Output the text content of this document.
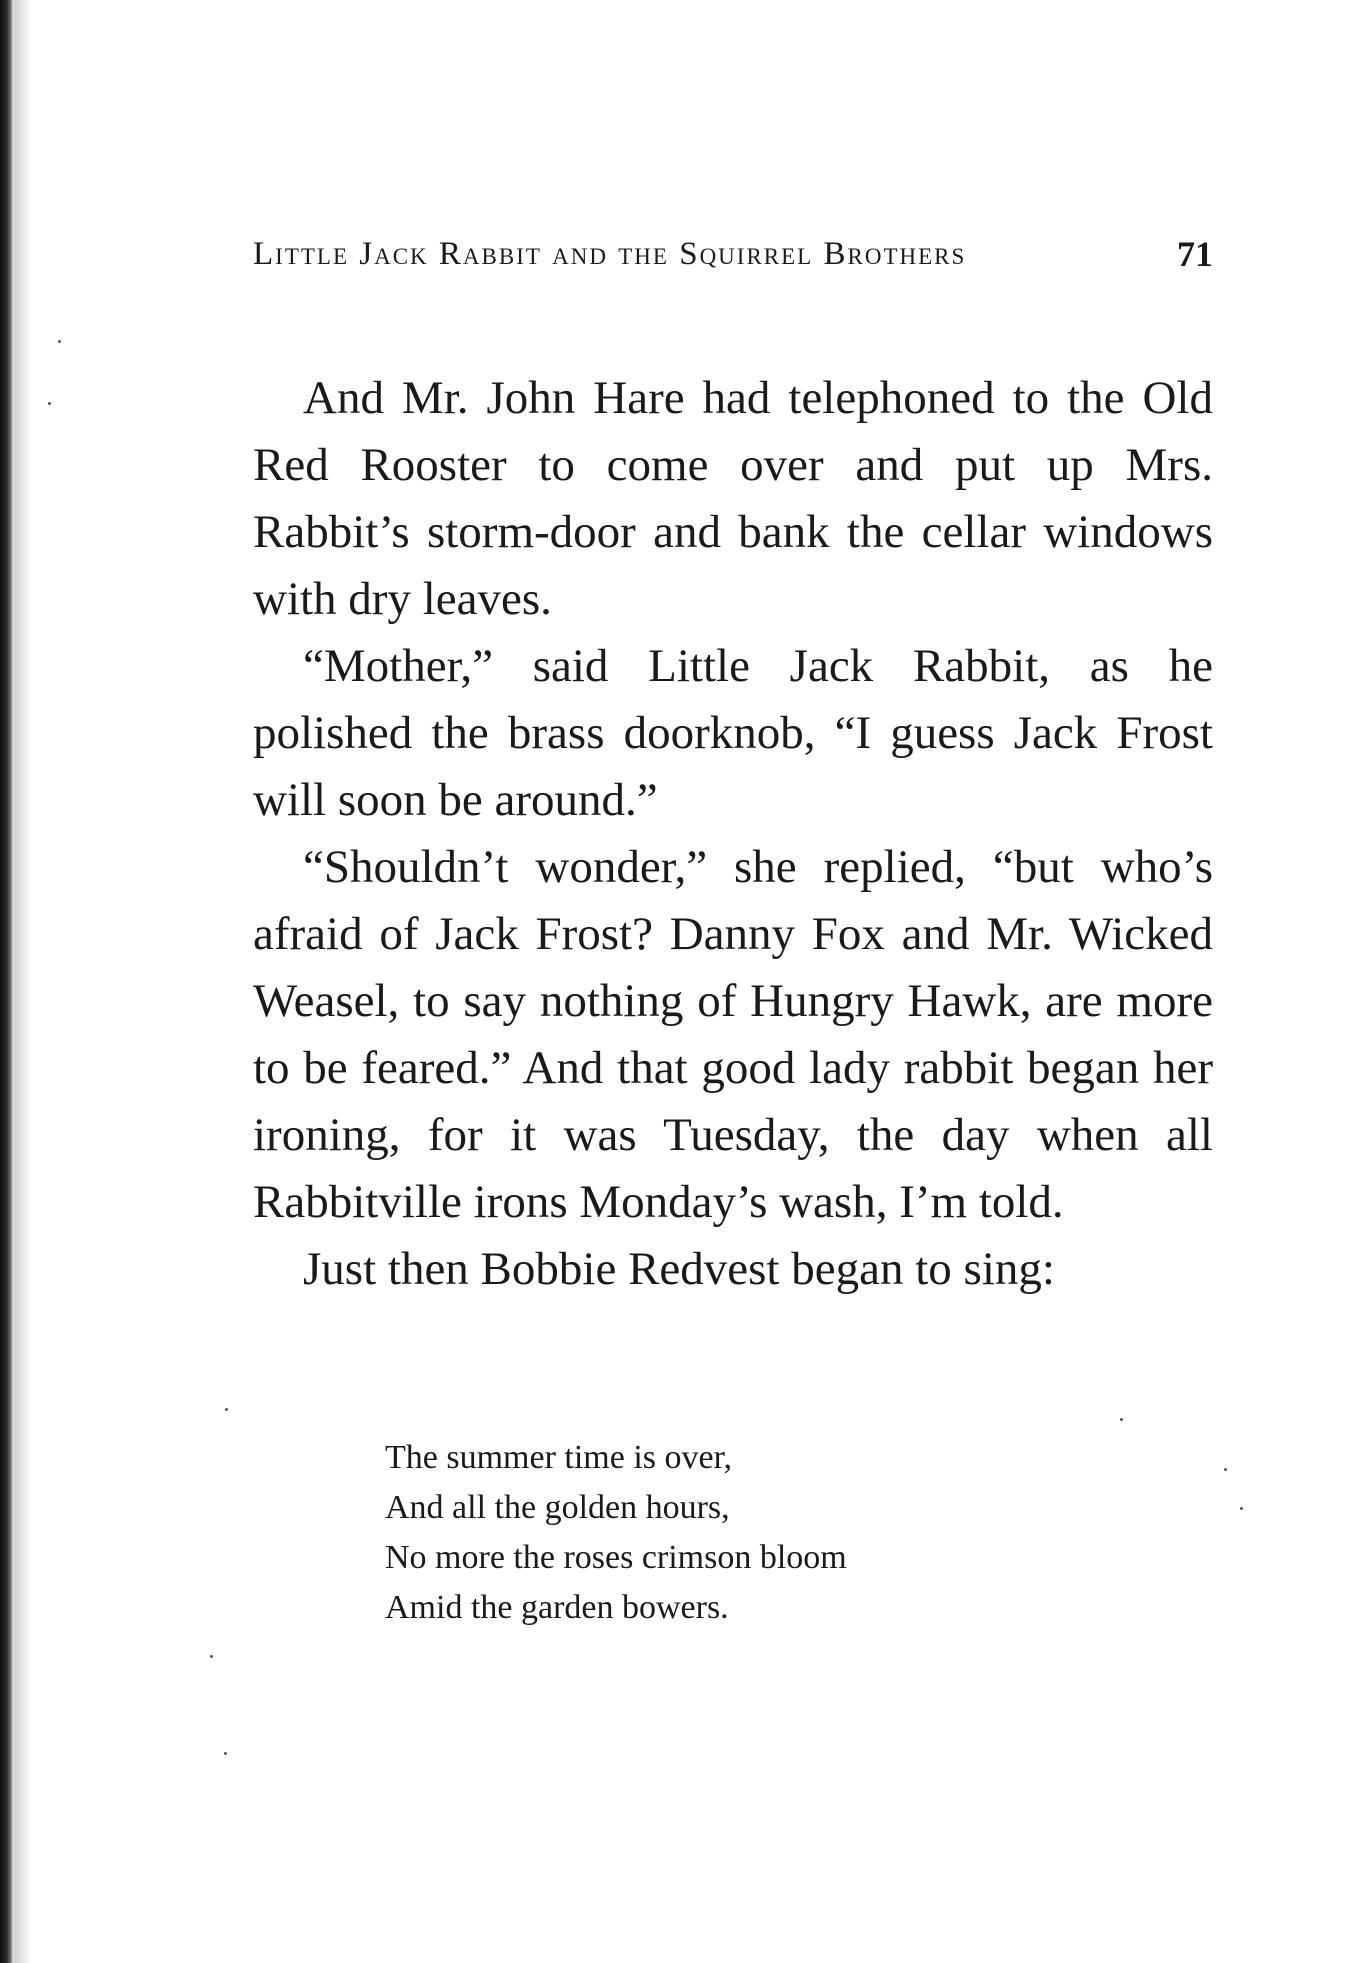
Little Jack Rabbit and the Squirrel Brothers	71

And Mr. John Hare had telephoned to the Old Red Rooster to come over and put up Mrs. Rabbit’s storm-door and bank the cellar windows with dry leaves.

“Mother,” said Little Jack Rabbit, as he polished the brass doorknob, “I guess Jack Frost will soon be around.”

“Shouldn’t wonder,” she replied, “but who’s afraid of Jack Frost? Danny Fox and Mr. Wicked Weasel, to say nothing of Hungry Hawk, are more to be feared.” And that good lady rabbit began her ironing, for it was Tuesday, the day when all Rabbitville irons Monday’s wash, I’m told.

Just then Bobbie Redvest began to sing:

The summer time is over,
And all the golden hours,
No more the roses crimson bloom
Amid the garden bowers.
